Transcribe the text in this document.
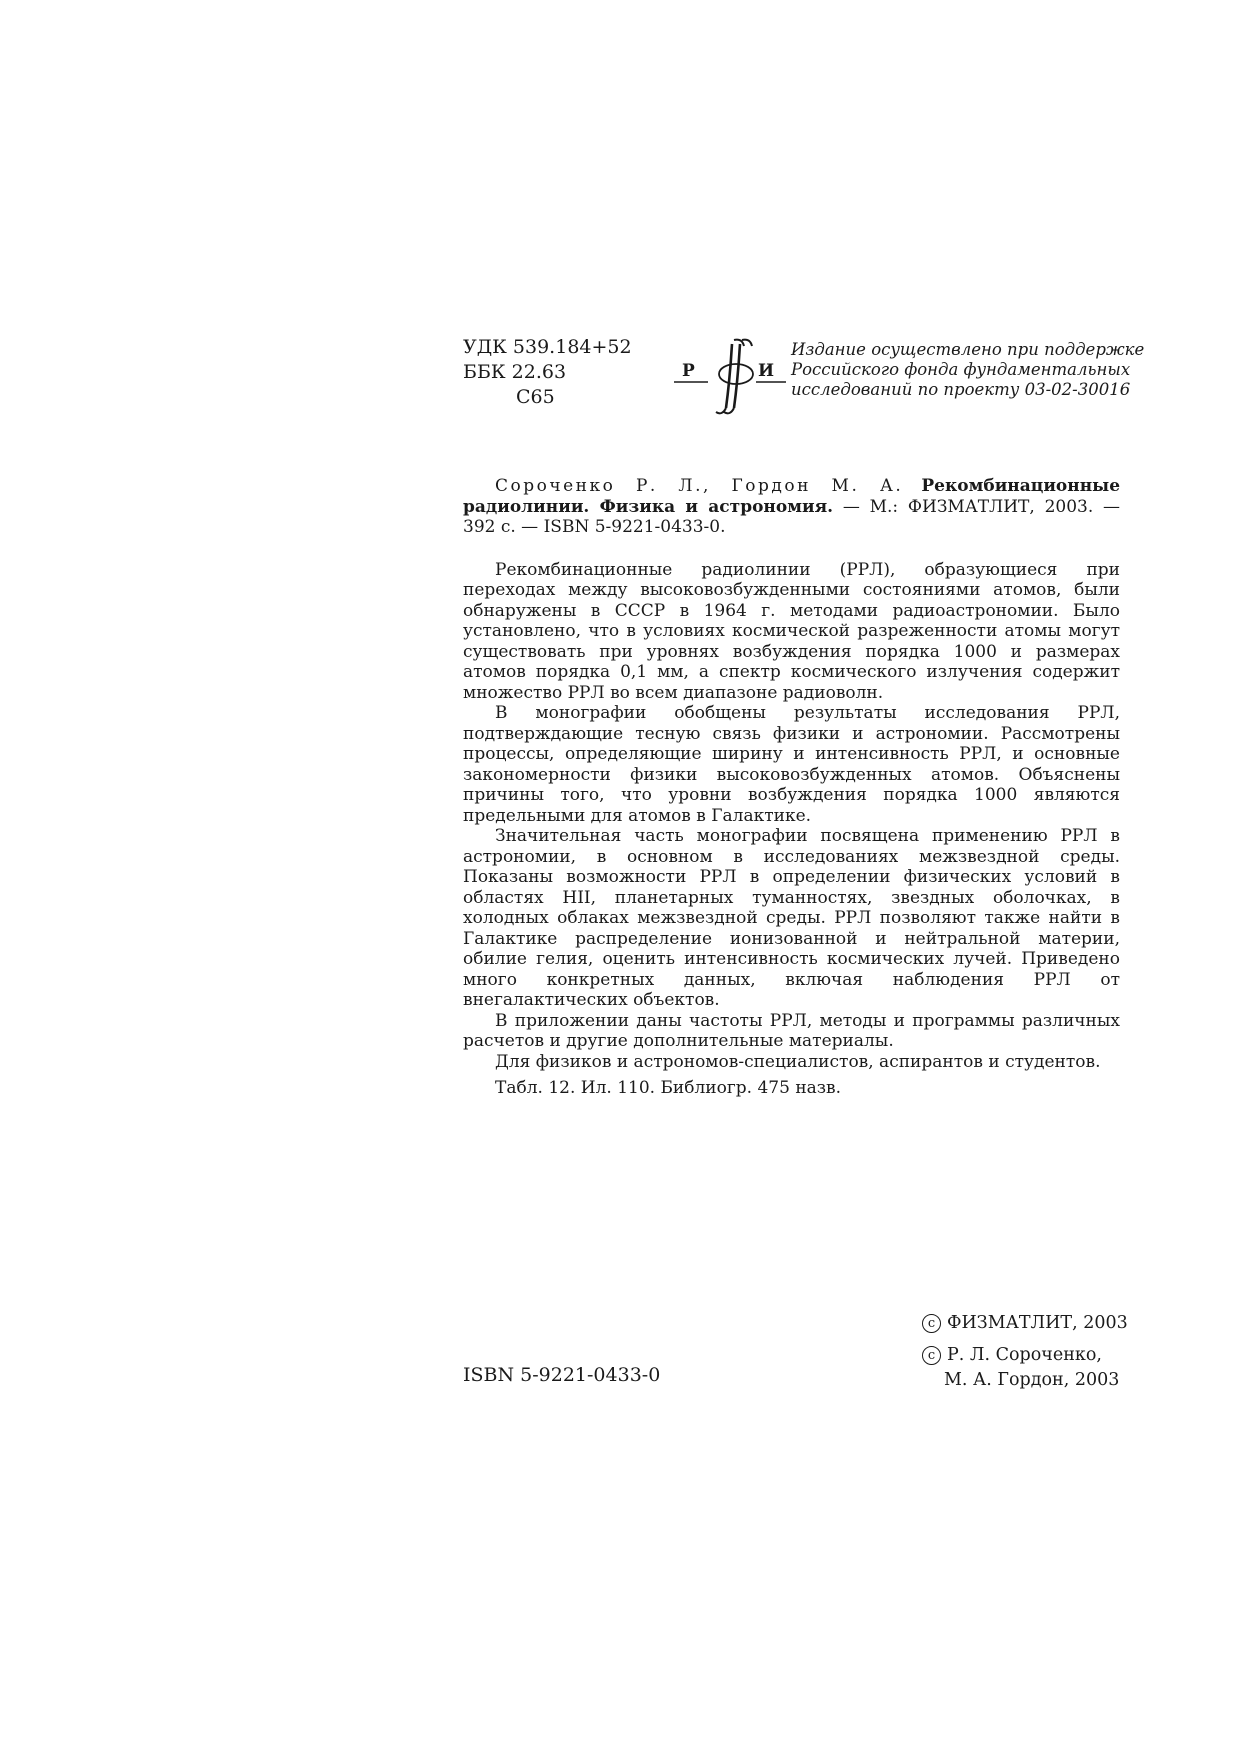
УДК 539.184+52
ББК 22.63
С65
Р	И
Издание осуществлено при поддержке
Российского фонда фундаментальных
исследований по проекту 03-02-30016

Сороченко Р. Л., Гордон М. А. Рекомбинационные радиолинии. Физика и астрономия. — М.: ФИЗМАТЛИТ, 2003. — 392 с. — ISBN 5-9221-0433-0.

Рекомбинационные радиолинии (РРЛ), образующиеся при переходах между высоковозбужденными состояниями атомов, были обнаружены в СССР в 1964 г. методами радиоастрономии. Было установлено, что в условиях космической разреженности атомы могут существовать при уровнях возбуждения порядка 1000 и размерах атомов порядка 0,1 мм, а спектр космического излучения содержит множество РРЛ во всем диапазоне радиоволн.

В монографии обобщены результаты исследования РРЛ, подтверждающие тесную связь физики и астрономии. Рассмотрены процессы, определяющие ширину и интенсивность РРЛ, и основные закономерности физики высоковозбужденных атомов. Объяснены причины того, что уровни возбуждения порядка 1000 являются предельными для атомов в Галактике.

Значительная часть монографии посвящена применению РРЛ в астрономии, в основном в исследованиях межзвездной среды. Показаны возможности РРЛ в определении физических условий в областях HII, планетарных туманностях, звездных оболочках, в холодных облаках межзвездной среды. РРЛ позволяют также найти в Галактике распределение ионизованной и нейтральной материи, обилие гелия, оценить интенсивность космических лучей. Приведено много конкретных данных, включая наблюдения РРЛ от внегалактических объектов.

В приложении даны частоты РРЛ, методы и программы различных расчетов и другие дополнительные материалы.

Для физиков и астрономов-специалистов, аспирантов и студентов.

Табл. 12. Ил. 110. Библиогр. 475 назв.

ISBN 5-9221-0433-0
c ФИЗМАТЛИТ, 2003
c Р. Л. Сороченко,
М. А. Гордон, 2003
